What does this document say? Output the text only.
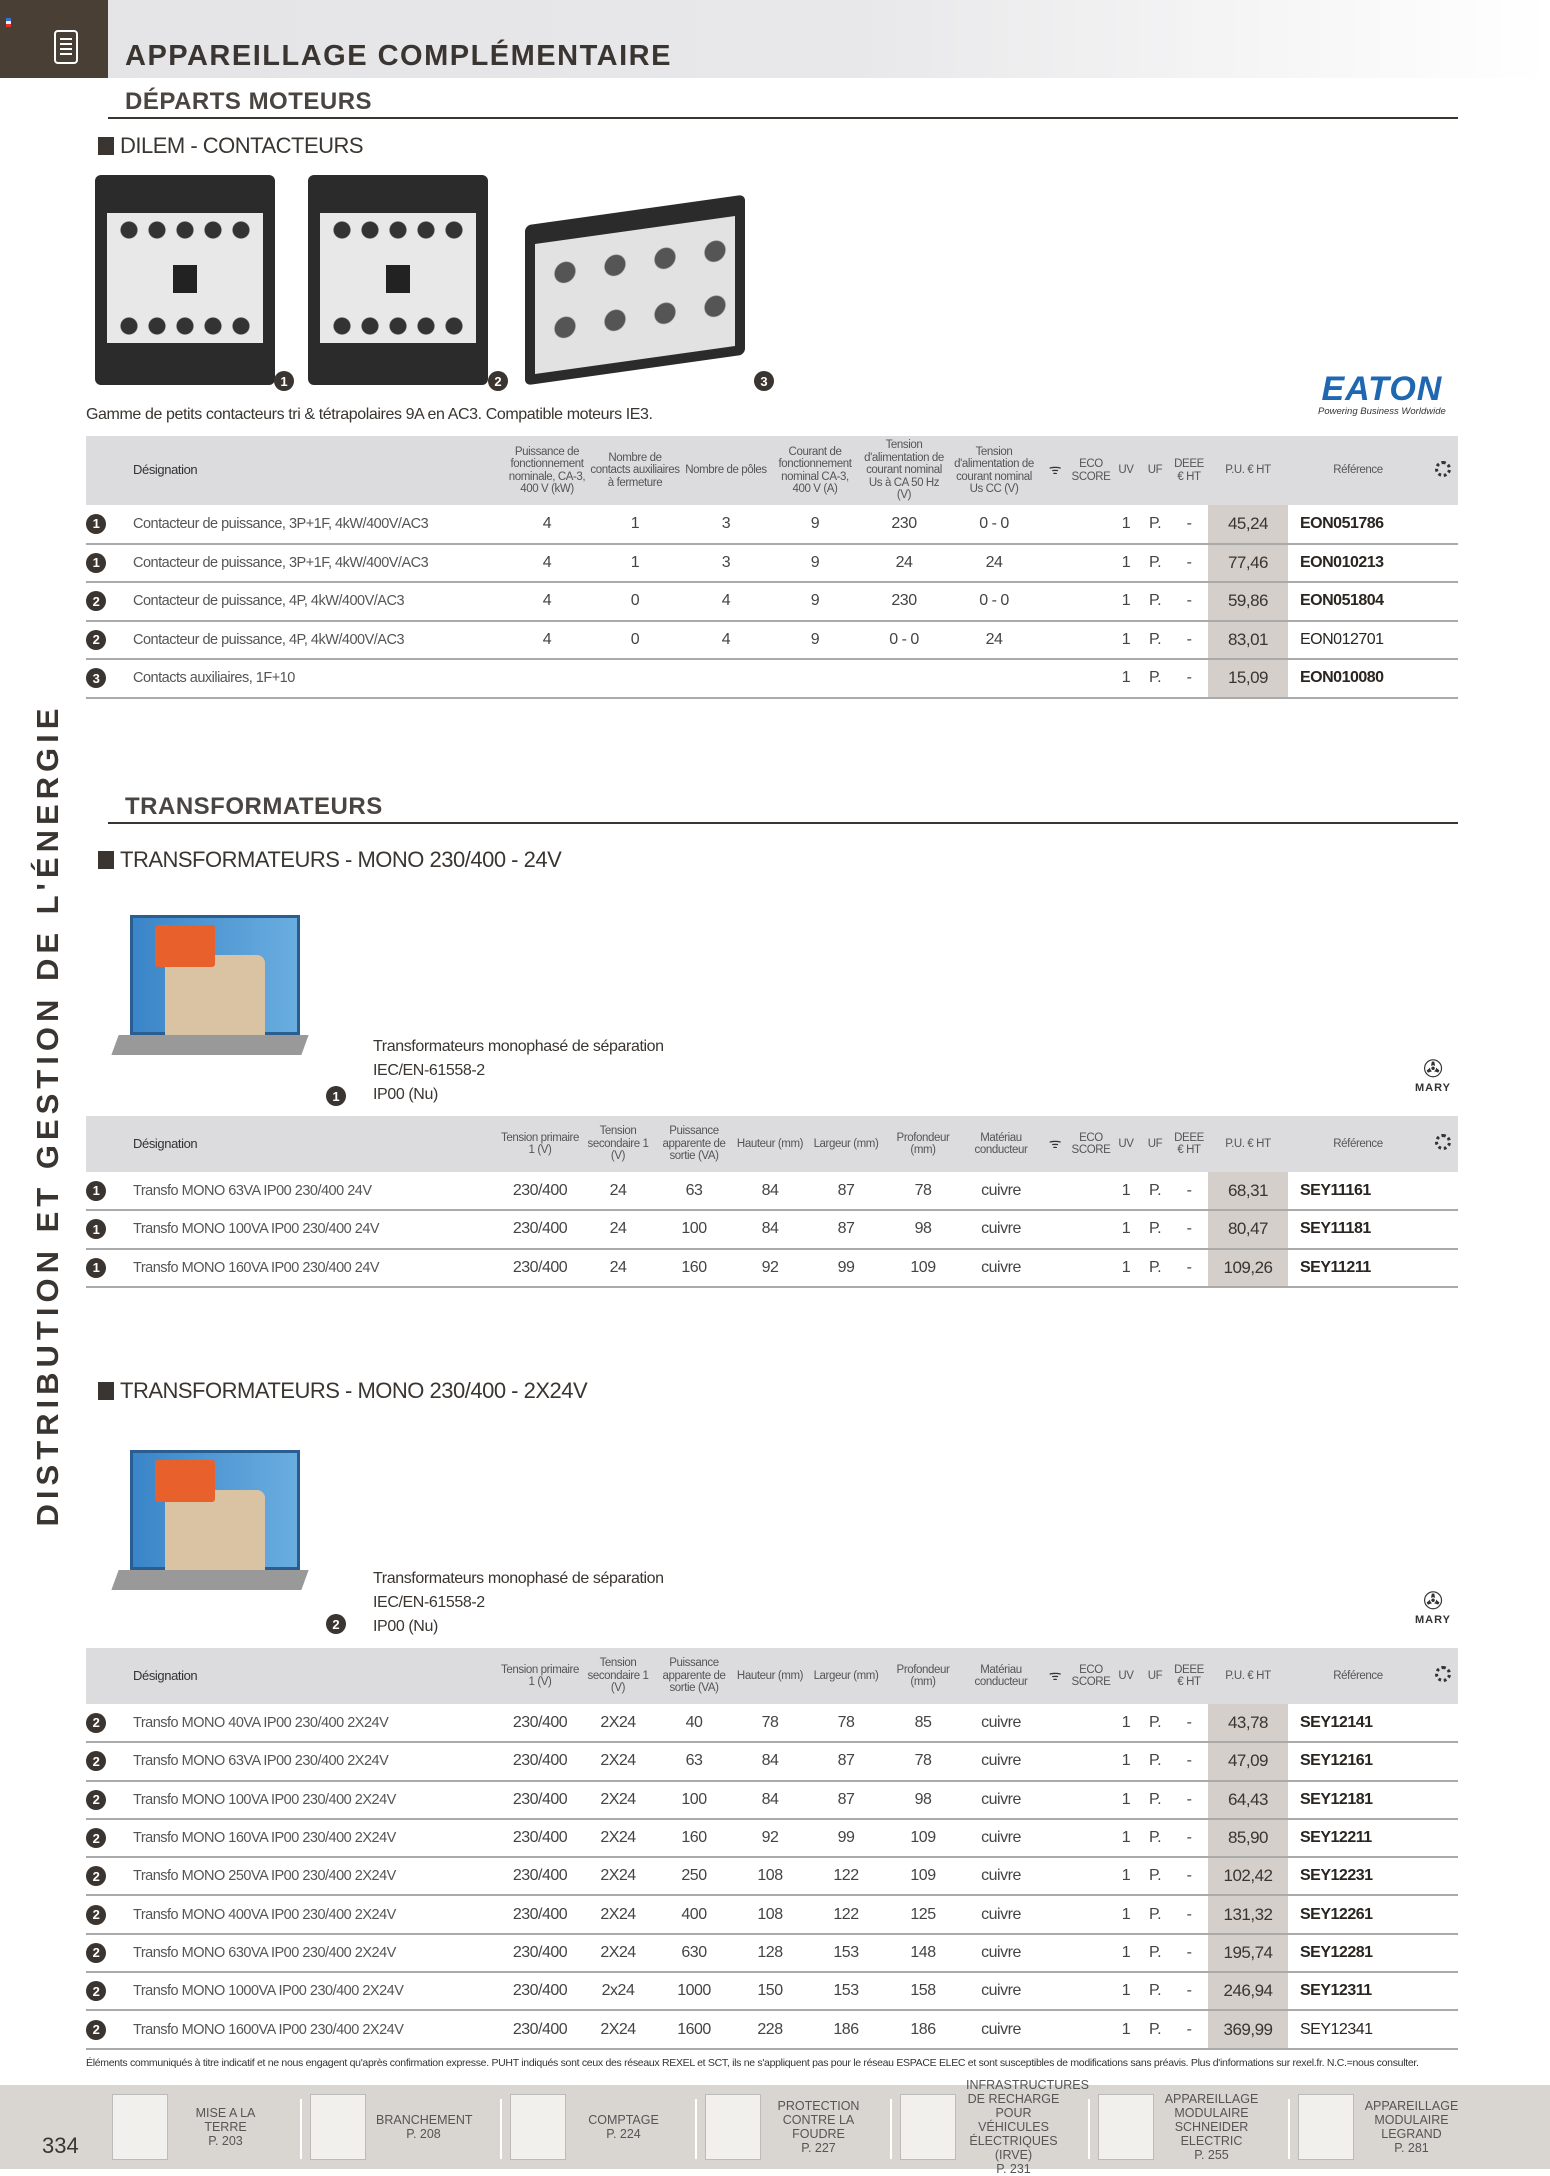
APPAREILLAGE COMPLÉMENTAIRE
DISTRIBUTION ET GESTION DE L'ÉNERGIE
DÉPARTS MOTEURS
DILEM - CONTACTEURS
1	2	3	EATON
Powering Business Worldwide
Gamme de petits contacteurs tri & tétrapolaires 9A en AC3. Compatible moteurs IE3.
	Désignation	Puissance de fonctionnement nominale, CA-3, 400 V (kW)	Nombre de contacts auxiliaires à fermeture	Nombre de pôles	Courant de fonctionnement nominal CA-3, 400 V (A)	Tension d'alimentation de courant nominal Us à CA 50 Hz (V)	Tension d'alimentation de courant nominal Us CC (V)	ᯤ	ECO SCORE	UV	UF	DEEE € HT	P.U. € HT	Référence	
1	Contacteur de puissance, 3P+1F, 4kW/400V/AC3	4	1	3	9	230	0 - 0			1	P.	-	45,24	EON051786	
1	Contacteur de puissance, 3P+1F, 4kW/400V/AC3	4	1	3	9	24	24			1	P.	-	77,46	EON010213	
2	Contacteur de puissance, 4P, 4kW/400V/AC3	4	0	4	9	230	0 - 0			1	P.	-	59,86	EON051804	
2	Contacteur de puissance, 4P, 4kW/400V/AC3	4	0	4	9	0 - 0	24			1	P.	-	83,01	EON012701	
3	Contacts auxiliaires, 1F+10									1	P.	-	15,09	EON010080	
TRANSFORMATEURS
TRANSFORMATEURS - MONO 230/400 - 24V
1
Transformateurs monophasé de séparation
IEC/EN-61558-2
IP00 (Nu)
✇
MARY
	Désignation	Tension primaire 1 (V)	Tension secondaire 1 (V)	Puissance apparente de sortie (VA)	Hauteur (mm)	Largeur (mm)	Profondeur (mm)	Matériau conducteur	ᯤ	ECO SCORE	UV	UF	DEEE € HT	P.U. € HT	Référence	
1	Transfo MONO 63VA IP00 230/400 24V	230/400	24	63	84	87	78	cuivre			1	P.	-	68,31	SEY11161	
1	Transfo MONO 100VA IP00 230/400 24V	230/400	24	100	84	87	98	cuivre			1	P.	-	80,47	SEY11181	
1	Transfo MONO 160VA IP00 230/400 24V	230/400	24	160	92	99	109	cuivre			1	P.	-	109,26	SEY11211	
TRANSFORMATEURS - MONO 230/400 - 2X24V
2
Transformateurs monophasé de séparation
IEC/EN-61558-2
IP00 (Nu)
✇
MARY
	Désignation	Tension primaire 1 (V)	Tension secondaire 1 (V)	Puissance apparente de sortie (VA)	Hauteur (mm)	Largeur (mm)	Profondeur (mm)	Matériau conducteur	ᯤ	ECO SCORE	UV	UF	DEEE € HT	P.U. € HT	Référence	
2	Transfo MONO 40VA IP00 230/400 2X24V	230/400	2X24	40	78	78	85	cuivre			1	P.	-	43,78	SEY12141	
2	Transfo MONO 63VA IP00 230/400 2X24V	230/400	2X24	63	84	87	78	cuivre			1	P.	-	47,09	SEY12161	
2	Transfo MONO 100VA IP00 230/400 2X24V	230/400	2X24	100	84	87	98	cuivre			1	P.	-	64,43	SEY12181	
2	Transfo MONO 160VA IP00 230/400 2X24V	230/400	2X24	160	92	99	109	cuivre			1	P.	-	85,90	SEY12211	
2	Transfo MONO 250VA IP00 230/400 2X24V	230/400	2X24	250	108	122	109	cuivre			1	P.	-	102,42	SEY12231	
2	Transfo MONO 400VA IP00 230/400 2X24V	230/400	2X24	400	108	122	125	cuivre			1	P.	-	131,32	SEY12261	
2	Transfo MONO 630VA IP00 230/400 2X24V	230/400	2X24	630	128	153	148	cuivre			1	P.	-	195,74	SEY12281	
2	Transfo MONO 1000VA IP00 230/400 2X24V	230/400	2x24	1000	150	153	158	cuivre			1	P.	-	246,94	SEY12311	
2	Transfo MONO 1600VA IP00 230/400 2X24V	230/400	2X24	1600	228	186	186	cuivre			1	P.	-	369,99	SEY12341	
Éléments communiqués à titre indicatif et ne nous engagent qu'après confirmation expresse. PUHT indiqués sont ceux des réseaux REXEL et SCT, ils ne s'appliquent pas pour le réseau ESPACE ELEC et sont susceptibles de modifications sans préavis. Plus d'informations sur rexel.fr. N.C.=nous consulter.
334
MISE A LA TERRE
P. 203
BRANCHEMENT
P. 208
COMPTAGE
P. 224
PROTECTION CONTRE LA FOUDRE
P. 227
INFRASTRUCTURES DE RECHARGE POUR VÉHICULES ÉLECTRIQUES (IRVE)
P. 231
APPAREILLAGE MODULAIRE SCHNEIDER ELECTRIC
P. 255
APPAREILLAGE MODULAIRE LEGRAND
P. 281
